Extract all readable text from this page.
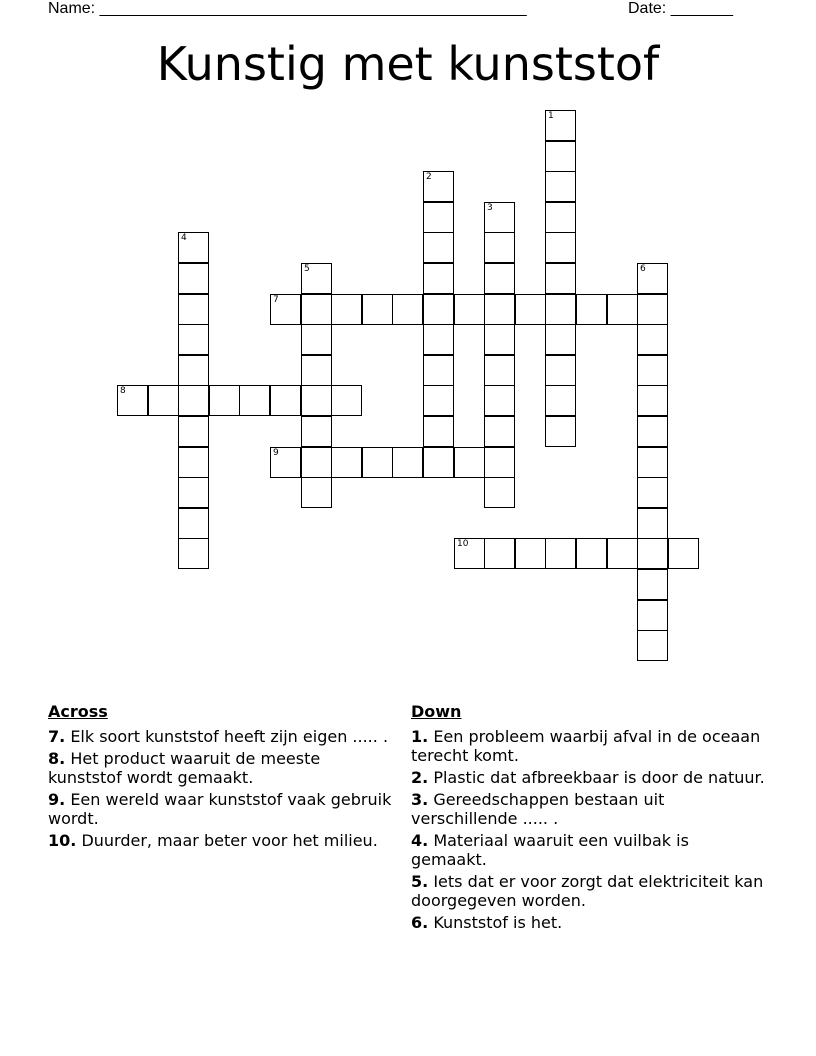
Name: ________________________________________________

	Date: _______

Kunstig met kunststof
1
2
3
4
5	6
7
8
9
10
Across
7. Elk soort kunststof heeft zijn eigen ..... .
8. Het product waaruit de meeste kunststof wordt gemaakt.
9. Een wereld waar kunststof vaak gebruik wordt.
10. Duurder, maar beter voor het milieu.
Down
1. Een probleem waarbij afval in de oceaan terecht komt.
2. Plastic dat afbreekbaar is door de natuur.
3. Gereedschappen bestaan uit verschillende ..... .
4. Materiaal waaruit een vuilbak is gemaakt.
5. Iets dat er voor zorgt dat elektriciteit kan doorgegeven worden.
6. Kunststof is het.
